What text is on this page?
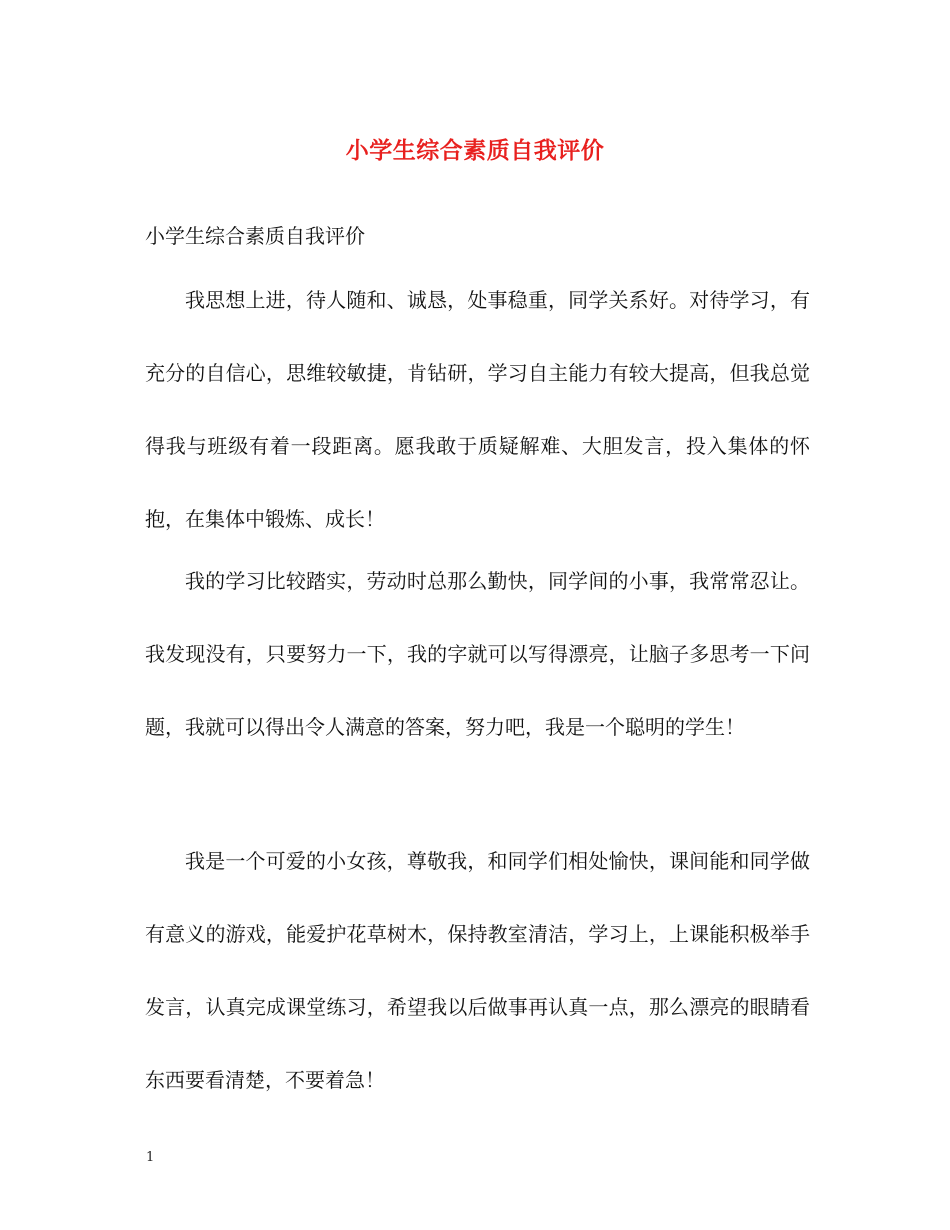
小学生综合素质自我评价
小学生综合素质自我评价

我思想上进，待人随和、诚恳，处事稳重，同学关系好。对待学习，有充分的自信心，思维较敏捷，肯钻研，学习自主能力有较大提高，但我总觉得我与班级有着一段距离。愿我敢于质疑解难、大胆发言，投入集体的怀抱，在集体中锻炼、成长！

我的学习比较踏实，劳动时总那么勤快，同学间的小事，我常常忍让。我发现没有，只要努力一下，我的字就可以写得漂亮，让脑子多思考一下问题，我就可以得出令人满意的答案，努力吧，我是一个聪明的学生！

我是一个可爱的小女孩，尊敬我，和同学们相处愉快，课间能和同学做有意义的游戏，能爱护花草树木，保持教室清洁，学习上，上课能积极举手发言，认真完成课堂练习，希望我以后做事再认真一点，那么漂亮的眼睛看东西要看清楚，不要着急！

1
